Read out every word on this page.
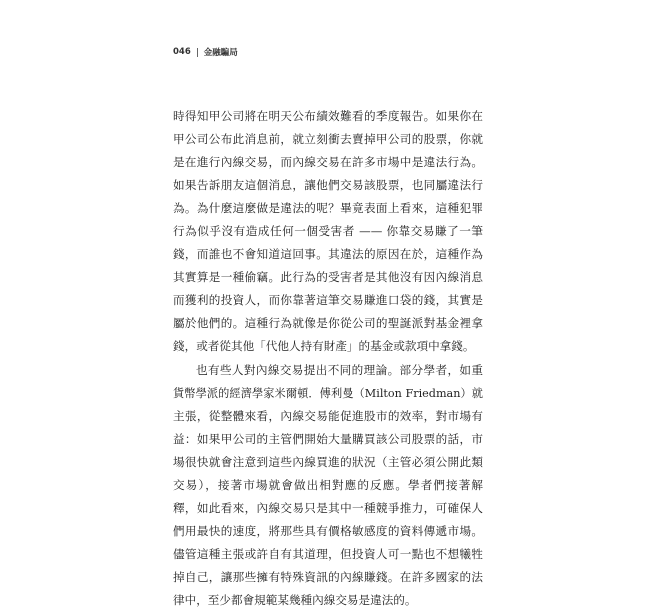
046 金融騙局
時得知甲公司將在明天公布績效難看的季度報告。如果你在
甲公司公布此消息前，就立刻衝去賣掉甲公司的股票，你就
是在進行內線交易，而內線交易在許多市場中是違法行為。
如果告訴朋友這個消息，讓他們交易該股票，也同屬違法行
為。為什麼這麼做是違法的呢？畢竟表面上看來，這種犯罪
行為似乎沒有造成任何一個受害者 —— 你靠交易賺了一筆
錢，而誰也不會知道這回事。其違法的原因在於，這種作為
其實算是一種偷竊。此行為的受害者是其他沒有因內線消息
而獲利的投資人，而你靠著這筆交易賺進口袋的錢，其實是
屬於他們的。這種行為就像是你從公司的聖誕派對基金裡拿
錢，或者從其他「代他人持有財產」的基金或款項中拿錢。
也有些人對內線交易提出不同的理論。部分學者，如重
貨幣學派的經濟學家米爾頓．傅利曼（Milton Friedman）就
主張，從整體來看，內線交易能促進股市的效率，對市場有
益：如果甲公司的主管們開始大量購買該公司股票的話，市
場很快就會注意到這些內線買進的狀況（主管必須公開此類
交易），接著市場就會做出相對應的反應。學者們接著解
釋，如此看來，內線交易只是其中一種競爭推力，可確保人
們用最快的速度，將那些具有價格敏感度的資料傳遞市場。
儘管這種主張或許自有其道理，但投資人可一點也不想犧牲
掉自己，讓那些擁有特殊資訊的內線賺錢。在許多國家的法
律中，至少都會規範某幾種內線交易是違法的。
